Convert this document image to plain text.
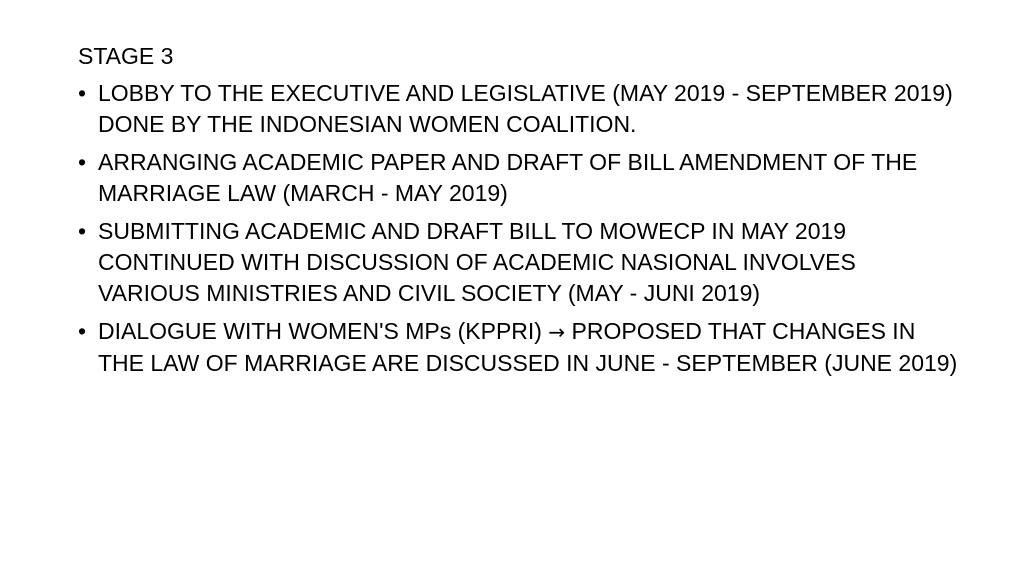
STAGE 3
• LOBBY TO THE EXECUTIVE AND LEGISLATIVE (MAY 2019 - SEPTEMBER 2019) DONE BY THE INDONESIAN WOMEN COALITION.
• ARRANGING ACADEMIC PAPER AND DRAFT OF BILL AMENDMENT OF THE MARRIAGE LAW (MARCH - MAY 2019)
• SUBMITTING ACADEMIC AND DRAFT BILL TO MOWECP IN MAY 2019 CONTINUED WITH DISCUSSION OF ACADEMIC NASIONAL INVOLVES VARIOUS MINISTRIES AND CIVIL SOCIETY (MAY - JUNI 2019)
• DIALOGUE WITH WOMEN'S MPs (KPPRI) → PROPOSED THAT CHANGES IN THE LAW OF MARRIAGE ARE DISCUSSED IN JUNE - SEPTEMBER (JUNE 2019)
